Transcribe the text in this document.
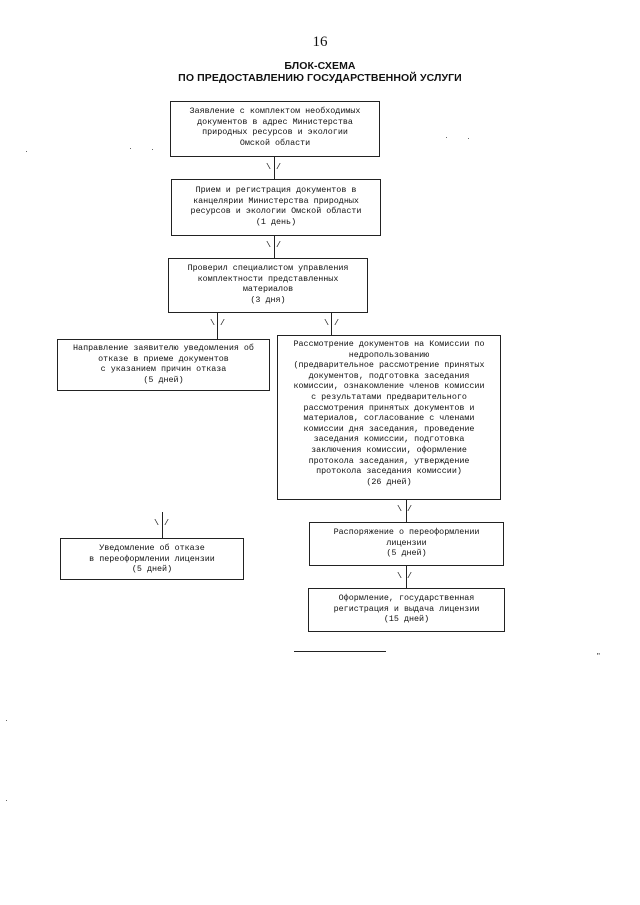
16
БЛОК-СХЕМА
ПО ПРЕДОСТАВЛЕНИЮ ГОСУДАРСТВЕННОЙ УСЛУГИ
Заявление с комплектом необходимых
документов в адрес Министерства
природных ресурсов и экологии
Омской области
\ /
Прием и регистрация документов в
канцелярии Министерства природных
ресурсов и экологии Омской области
(1 день)
\ /
Проверил специалистом управления
комплектности представленных
материалов
(3 дня)
\ /	\ /
Направление заявителю уведомления об
отказе в приеме документов
с указанием причин отказа
(5 дней)
Рассмотрение документов на Комиссии по
недропользованию
(предварительное рассмотрение принятых
документов, подготовка заседания
комиссии, ознакомление членов комиссии
с результатами предварительного
рассмотрения принятых документов и
материалов, согласование с членами
комиссии дня заседания, проведение
заседания комиссии, подготовка
заключения комиссии, оформление
протокола заседания, утверждение
протокола заседания комиссии)
(26 дней)
\ /
\ /
Уведомление об отказе
в переоформлении лицензии
(5 дней)
Распоряжение о переоформлении
лицензии
(5 дней)
\ /
Оформление, государственная
регистрация и выдача лицензии
(15 дней)
"
